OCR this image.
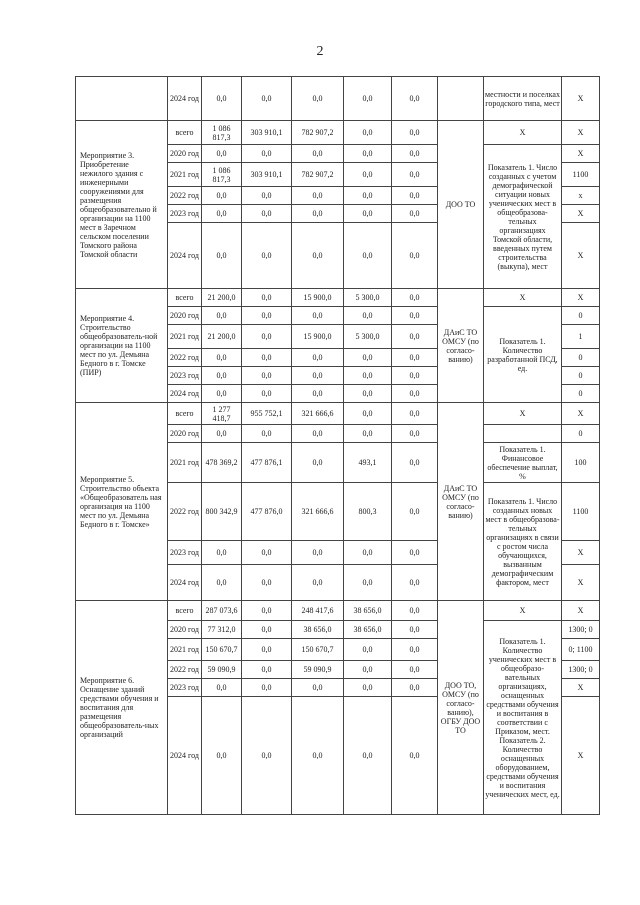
2
	2024 год	0,0	0,0	0,0	0,0	0,0		местности и поселках городского типа, мест	Х
Мероприятие 3. Приобретение нежилого здания с инженерными сооружениями для размещения общеобразовательно й организации на 1100 мест в Заречном сельском поселении Томского района Томской области	всего	1 086 817,3	303 910,1	782 907,2	0,0	0,0	ДОО ТО	Х	Х
	2020 год	0,0	0,0	0,0	0,0	0,0		Показатель 1. Число созданных с учетом демографической ситуации новых ученических мест в общеобразова-тельных организациях Томской области, введенных путем строительства (выкупа), мест	Х
	2021 год	1 086 817,3	303 910,1	782 907,2	0,0	0,0			1100
	2022 год	0,0	0,0	0,0	0,0	0,0			х
	2023 год	0,0	0,0	0,0	0,0	0,0			Х
	2024 год	0,0	0,0	0,0	0,0	0,0			Х
Мероприятие 4. Строительство общеобразователь-ной организации на 1100 мест по ул. Демьяна Бедного в г. Томске (ПИР)	всего	21 200,0	0,0	15 900,0	5 300,0	0,0	ДАиС ТО ОМСУ (по согласо-ванию)	Х	Х
	2020 год	0,0	0,0	0,0	0,0	0,0		Показатель 1. Количество разработанной ПСД, ед.	0
	2021 год	21 200,0	0,0	15 900,0	5 300,0	0,0			1
	2022 год	0,0	0,0	0,0	0,0	0,0			0
	2023 год	0,0	0,0	0,0	0,0	0,0			0
	2024 год	0,0	0,0	0,0	0,0	0,0			0
Мероприятие 5. Строительство объекта «Общеобразователь ная организация на 1100 мест по ул. Демьяна Бедного в г. Томске»	всего	1 277 418,7	955 752,1	321 666,6	0,0	0,0	ДАиС ТО ОМСУ (по согласо-ванию)	Х	Х
	2020 год	0,0	0,0	0,0	0,0	0,0			0
	2021 год	478 369,2	477 876,1	0,0	493,1	0,0		Показатель 1. Финансовое обеспечение выплат, %	100
	2022 год	800 342,9	477 876,0	321 666,6	800,3	0,0		Показатель 1. Число созданных новых мест в общеобразова-тельных организациях в связи с ростом числа обучающихся, вызванным демографическим фактором, мест	1100
	2023 год	0,0	0,0	0,0	0,0	0,0			Х
	2024 год	0,0	0,0	0,0	0,0	0,0			Х
Мероприятие 6. Оснащение зданий средствами обучения и воспитания для размещения общеобразователь-ных организаций	всего	287 073,6	0,0	248 417,6	38 656,0	0,0	ДОО ТО, ОМСУ (по согласо-ванию), ОГБУ ДОО ТО	Х	Х
	2020 год	77 312,0	0,0	38 656,0	38 656,0	0,0		Показатель 1. Количество ученических мест в общеобразо-вательных организациях, оснащенных средствами обучения и воспитания в соответствии с Приказом, мест. Показатель 2. Количество оснащенных оборудованием, средствами обучения и воспитания ученических мест, ед.	1300; 0
	2021 год	150 670,7	0,0	150 670,7	0,0	0,0			0; 1100
	2022 год	59 090,9	0,0	59 090,9	0,0	0,0			1300; 0
	2023 год	0,0	0,0	0,0	0,0	0,0			Х
	2024 год	0,0	0,0	0,0	0,0	0,0			Х
